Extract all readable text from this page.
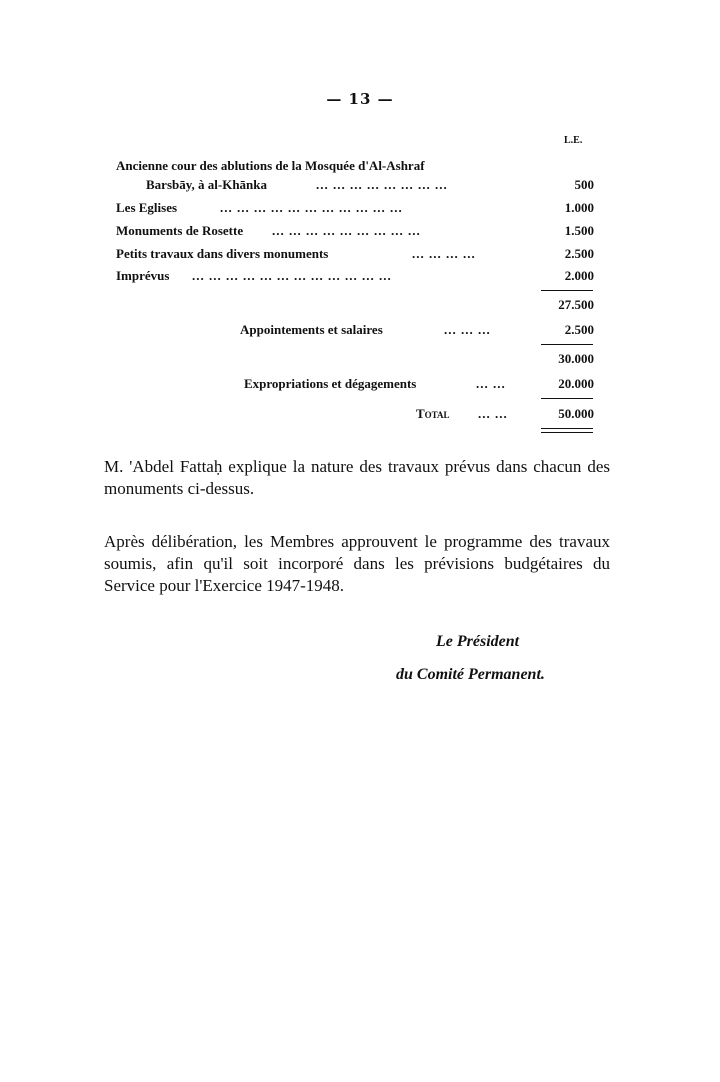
— 13 —
L.E.
Ancienne cour des ablutions de la Mosquée d'Al-Ashraf
Barsbāy, à al-Khānka	... ... ... ... ... ... ... ...	500
Les Eglises	... ... ... ... ... ... ... ... ... ... ...	1.000
Monuments de Rosette ... ... ... ... ... ... ... ... ...	1.500
Petits travaux dans divers monuments	... ... ... ...	2.500
Imprévus ... ... ... ... ... ... ... ... ... ... ... ...	2.000
27.500
Appointements et salaires	... ... ...	2.500
30.000
Expropriations et dégagements	... ...	20.000
Total ... ...	50.000

M. 'Abdel Fattaḥ explique la nature des travaux prévus dans chacun des monuments ci-dessus.

Après délibération, les Membres approuvent le programme des travaux soumis, afin qu'il soit incorporé dans les prévisions budgétaires du Service pour l'Exercice 1947-1948.

Le Président
du Comité Permanent.
